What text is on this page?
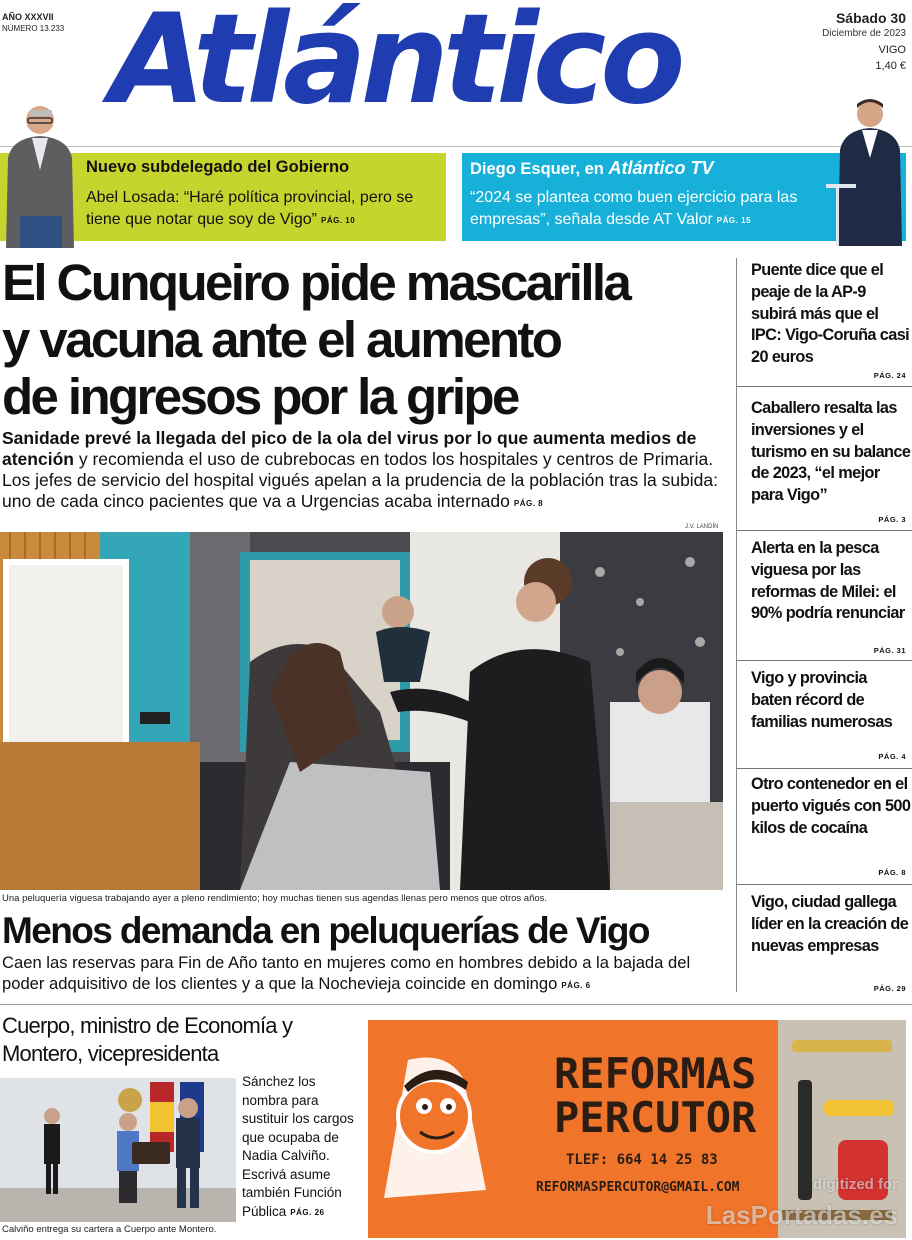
AÑO XXXVII
NÚMERO 13.233 Atlántico	Sábado 30
Diciembre de 2023
VIGO
1,40 €
Nuevo subdelegado del Gobierno
Abel Losada: “Haré política provincial, pero se tiene que notar que soy de Vigo” PÁG. 10
Diego Esquer, en Atlántico TV
“2024 se plantea como buen ejercicio para las empresas”, señala desde AT Valor PÁG. 15
El Cunqueiro pide mascarilla
y vacuna ante el aumento
de ingresos por la gripe
Sanidade prevé la llegada del pico de la ola del virus por lo que aumenta medios de atención y recomienda el uso de cubrebocas en todos los hospitales y centros de Primaria. Los jefes de servicio del hospital vigués apelan a la prudencia de la población tras la subida: uno de cada cinco pacientes que va a Urgencias acaba internado PÁG. 8
J.V. LANDÍN
Una peluquería viguesa trabajando ayer a pleno rendimiento; hoy muchas tienen sus agendas llenas pero menos que otros años.
Menos demanda en peluquerías de Vigo
Caen las reservas para Fin de Año tanto en mujeres como en hombres debido a la bajada del poder adquisitivo de los clientes y a que la Nochevieja coincide en domingo PÁG. 6
Puente dice que el peaje de la AP-9 subirá más que el IPC: Vigo-Coruña casi 20 euros
PÁG. 24
Caballero resalta las inversiones y el turismo en su balance de 2023, “el mejor para Vigo”
PÁG. 3
Alerta en la pesca viguesa por las reformas de Milei: el 90% podría renunciar
PÁG. 31
Vigo y provincia baten récord de familias numerosas
PÁG. 4
Otro contenedor en el puerto vigués con 500 kilos de cocaína
PÁG. 8
Vigo, ciudad gallega líder en la creación de nuevas empresas
PÁG. 29
Cuerpo, ministro de Economía y Montero, vicepresidenta
Calviño entrega su cartera a Cuerpo ante Montero.
Sánchez los nombra para sustituir los cargos que ocupaba de Nadia Calviño. Escrivá asume también Función Pública PÁG. 26
REFORMAS PERCUTOR
TLEF: 664 14 25 83
REFORMASPERCUTOR@GMAIL.COM	digitized for
LasPortadas.es
